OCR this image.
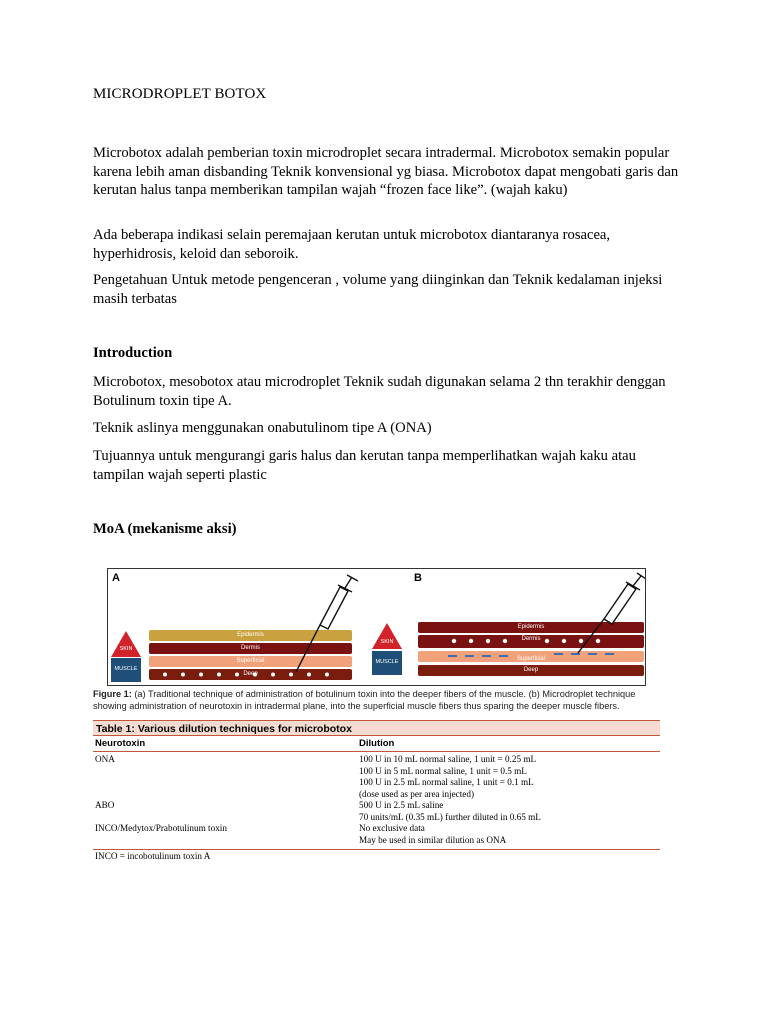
MICRODROPLET BOTOX
Microbotox adalah pemberian toxin microdroplet secara intradermal. Microbotox semakin popular karena lebih aman disbanding Teknik konvensional yg biasa. Microbotox dapat mengobati garis dan kerutan halus tanpa memberikan tampilan wajah “frozen face like”. (wajah kaku)
Ada beberapa indikasi selain peremajaan kerutan untuk microbotox diantaranya rosacea, hyperhidrosis, keloid dan seboroik.
Pengetahuan Untuk metode pengenceran , volume yang diinginkan dan Teknik kedalaman injeksi masih terbatas
Introduction
Microbotox, mesobotox atau microdroplet Teknik sudah digunakan selama 2 thn terakhir denggan Botulinum toxin tipe A.
Teknik aslinya menggunakan onabutulinom tipe A (ONA)
Tujuannya untuk mengurangi garis halus dan kerutan tanpa memperlihatkan wajah kaku atau tampilan wajah seperti plastic
MoA (mekanisme aksi)
A	B
Epidermis
Dermis
Superficial
Deep
SKIN
MUSCLE
Epidermis
Dermis
Superficial
Deep
SKIN
MUSCLE
Figure 1: (a) Traditional technique of administration of botulinum toxin into the deeper fibers of the muscle. (b) Microdroplet technique showing administration of neurotoxin in intradermal plane, into the superficial muscle fibers thus sparing the deeper muscle fibers.
Table 1: Various dilution techniques for microbotox
Neurotoxin	Dilution
ONA	100 U in 10 mL normal saline, 1 unit = 0.25 mL
100 U in 5 mL normal saline, 1 unit = 0.5 mL
100 U in 2.5 mL normal saline, 1 unit = 0.1 mL
(dose used as per area injected)
ABO	500 U in 2.5 mL saline
70 units/mL (0.35 mL) further diluted in 0.65 mL
INCO/Medytox/Prabotulinum toxin	No exclusive data
May be used in similar dilution as ONA
INCO = incobotulinum toxin A
